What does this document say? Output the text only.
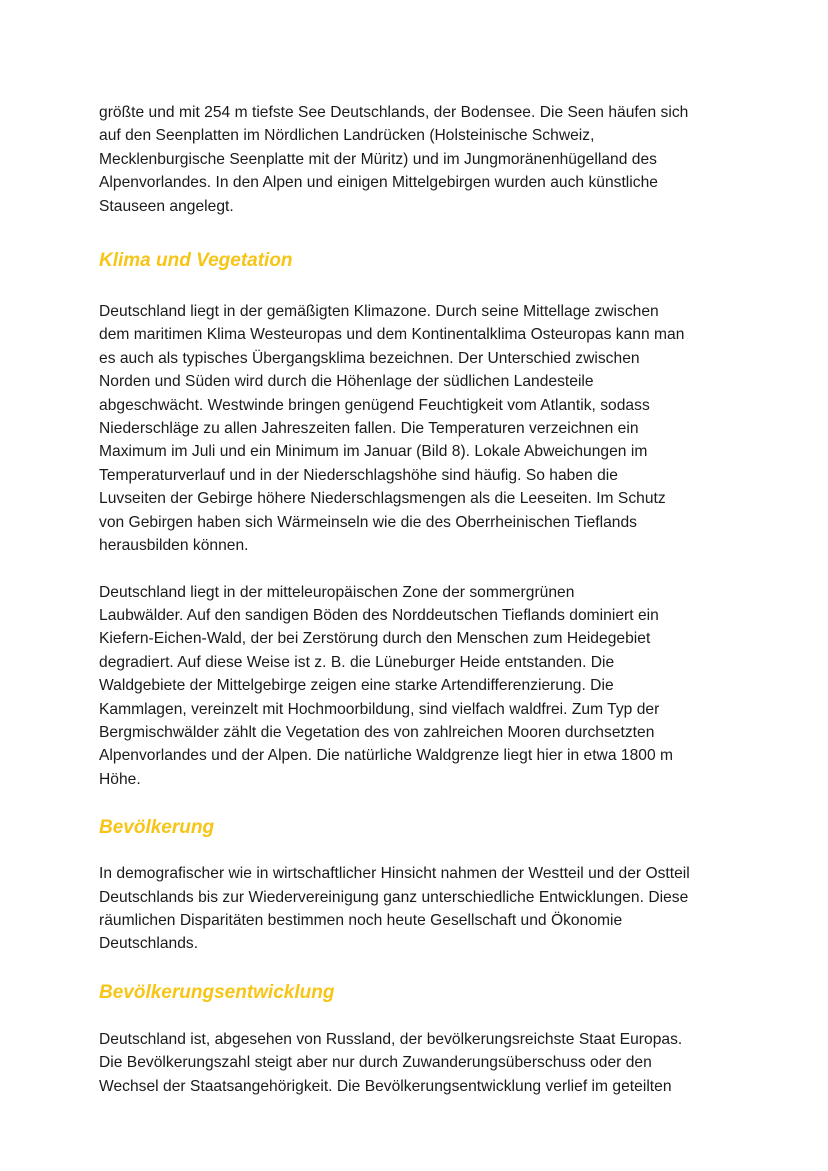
größte und mit 254 m tiefste See Deutschlands, der Bodensee. Die Seen häufen sich
auf den Seenplatten im Nördlichen Landrücken (Holsteinische Schweiz,
Mecklenburgische Seenplatte mit der Müritz) und im Jungmoränenhügelland des
Alpenvorlandes. In den Alpen und einigen Mittelgebirgen wurden auch künstliche
Stauseen angelegt.
Klima und Vegetation
Deutschland liegt in der gemäßigten Klimazone. Durch seine Mittellage zwischen
dem maritimen Klima Westeuropas und dem Kontinentalklima Osteuropas kann man
es auch als typisches Übergangsklima bezeichnen. Der Unterschied zwischen
Norden und Süden wird durch die Höhenlage der südlichen Landesteile
abgeschwächt. Westwinde bringen genügend Feuchtigkeit vom Atlantik, sodass
Niederschläge zu allen Jahreszeiten fallen. Die Temperaturen verzeichnen ein
Maximum im Juli und ein Minimum im Januar (Bild 8). Lokale Abweichungen im
Temperaturverlauf und in der Niederschlagshöhe sind häufig. So haben die
Luvseiten der Gebirge höhere Niederschlagsmengen als die Leeseiten. Im Schutz
von Gebirgen haben sich Wärmeinseln wie die des Oberrheinischen Tieflands
herausbilden können.
Deutschland liegt in der mitteleuropäischen Zone der sommergrünen
Laubwälder. Auf den sandigen Böden des Norddeutschen Tieflands dominiert ein
Kiefern-Eichen-Wald, der bei Zerstörung durch den Menschen zum Heidegebiet
degradiert. Auf diese Weise ist z. B. die Lüneburger Heide entstanden. Die
Waldgebiete der Mittelgebirge zeigen eine starke Artendifferenzierung. Die
Kammlagen, vereinzelt mit Hochmoorbildung, sind vielfach waldfrei. Zum Typ der
Bergmischwälder zählt die Vegetation des von zahlreichen Mooren durchsetzten
Alpenvorlandes und der Alpen. Die natürliche Waldgrenze liegt hier in etwa 1800 m
Höhe.
Bevölkerung
In demografischer wie in wirtschaftlicher Hinsicht nahmen der Westteil und der Ostteil
Deutschlands bis zur Wiedervereinigung ganz unterschiedliche Entwicklungen. Diese
räumlichen Disparitäten bestimmen noch heute Gesellschaft und Ökonomie
Deutschlands.
Bevölkerungsentwicklung
Deutschland ist, abgesehen von Russland, der bevölkerungsreichste Staat Europas.
Die Bevölkerungszahl steigt aber nur durch Zuwanderungsüberschuss oder den
Wechsel der Staatsangehörigkeit. Die Bevölkerungsentwicklung verlief im geteilten
